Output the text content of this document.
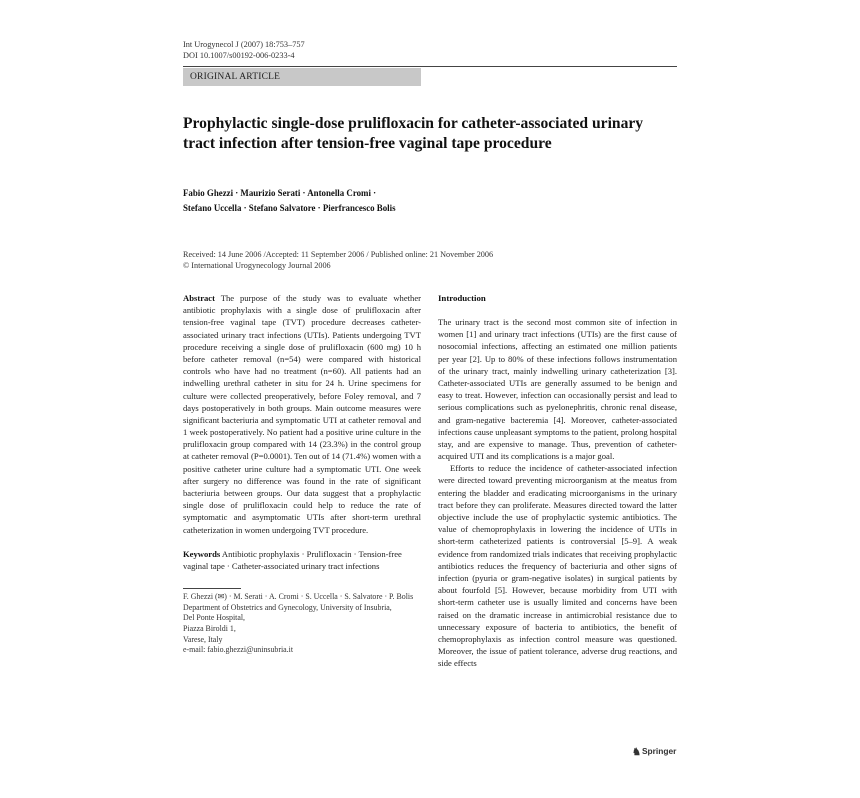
Int Urogynecol J (2007) 18:753–757
DOI 10.1007/s00192-006-0233-4
ORIGINAL ARTICLE
Prophylactic single-dose prulifloxacin for catheter-associated urinary tract infection after tension-free vaginal tape procedure
Fabio Ghezzi · Maurizio Serati · Antonella Cromi ·
Stefano Uccella · Stefano Salvatore · Pierfrancesco Bolis
Received: 14 June 2006 /Accepted: 11 September 2006 / Published online: 21 November 2006
© International Urogynecology Journal 2006
Abstract The purpose of the study was to evaluate whether antibiotic prophylaxis with a single dose of prulifloxacin after tension-free vaginal tape (TVT) procedure decreases catheter-associated urinary tract infections (UTIs). Patients undergoing TVT procedure receiving a single dose of prulifloxacin (600 mg) 10 h before catheter removal (n=54) were compared with historical controls who have had no treatment (n=60). All patients had an indwelling urethral catheter in situ for 24 h. Urine specimens for culture were collected preoperatively, before Foley removal, and 7 days postoperatively in both groups. Main outcome measures were significant bacteriuria and symptomatic UTI at catheter removal and 1 week postoperatively. No patient had a positive urine culture in the prulifloxacin group compared with 14 (23.3%) in the control group at catheter removal (P=0.0001). Ten out of 14 (71.4%) women with a positive catheter urine culture had a symptomatic UTI. One week after surgery no difference was found in the rate of significant bacteriuria between groups. Our data suggest that a prophylactic single dose of prulifloxacin could help to reduce the rate of symptomatic and asymptomatic UTIs after short-term urethral catheterization in women undergoing TVT procedure.
Keywords Antibiotic prophylaxis · Prulifloxacin · Tension-free vaginal tape · Catheter-associated urinary tract infections
F. Ghezzi (✉) · M. Serati · A. Cromi · S. Uccella · S. Salvatore · P. Bolis
Department of Obstetrics and Gynecology, University of Insubria,
Del Ponte Hospital,
Piazza Biroldi 1,
Varese, Italy
e-mail: fabio.ghezzi@uninsubria.it
Introduction

The urinary tract is the second most common site of infection in women [1] and urinary tract infections (UTIs) are the first cause of nosocomial infections, affecting an estimated one million patients per year [2]. Up to 80% of these infections follows instrumentation of the urinary tract, mainly indwelling urinary catheterization [3]. Catheter-associated UTIs are generally assumed to be benign and easy to treat. However, infection can occasionally persist and lead to serious complications such as pyelonephritis, chronic renal disease, and gram-negative bacteremia [4]. Moreover, catheter-associated infections cause unpleasant symptoms to the patient, prolong hospital stay, and are expensive to manage. Thus, prevention of catheter-acquired UTI and its complications is a major goal.

Efforts to reduce the incidence of catheter-associated infection were directed toward preventing microorganism at the meatus from entering the bladder and eradicating microorganisms in the urinary tract before they can proliferate. Measures directed toward the latter objective include the use of prophylactic systemic antibiotics. The value of chemoprophylaxis in lowering the incidence of UTIs in short-term catheterized patients is controversial [5–9]. A weak evidence from randomized trials indicates that receiving prophylactic antibiotics reduces the frequency of bacteriuria and other signs of infection (pyuria or gram-negative isolates) in surgical patients by about fourfold [5]. However, because morbidity from UTI with short-term catheter use is usually limited and concerns have been raised on the dramatic increase in antimicrobial resistance due to unnecessary exposure of bacteria to antibiotics, the benefit of chemoprophylaxis as infection control measure was questioned. Moreover, the issue of patient tolerance, adverse drug reactions, and side effects

♞Springer
